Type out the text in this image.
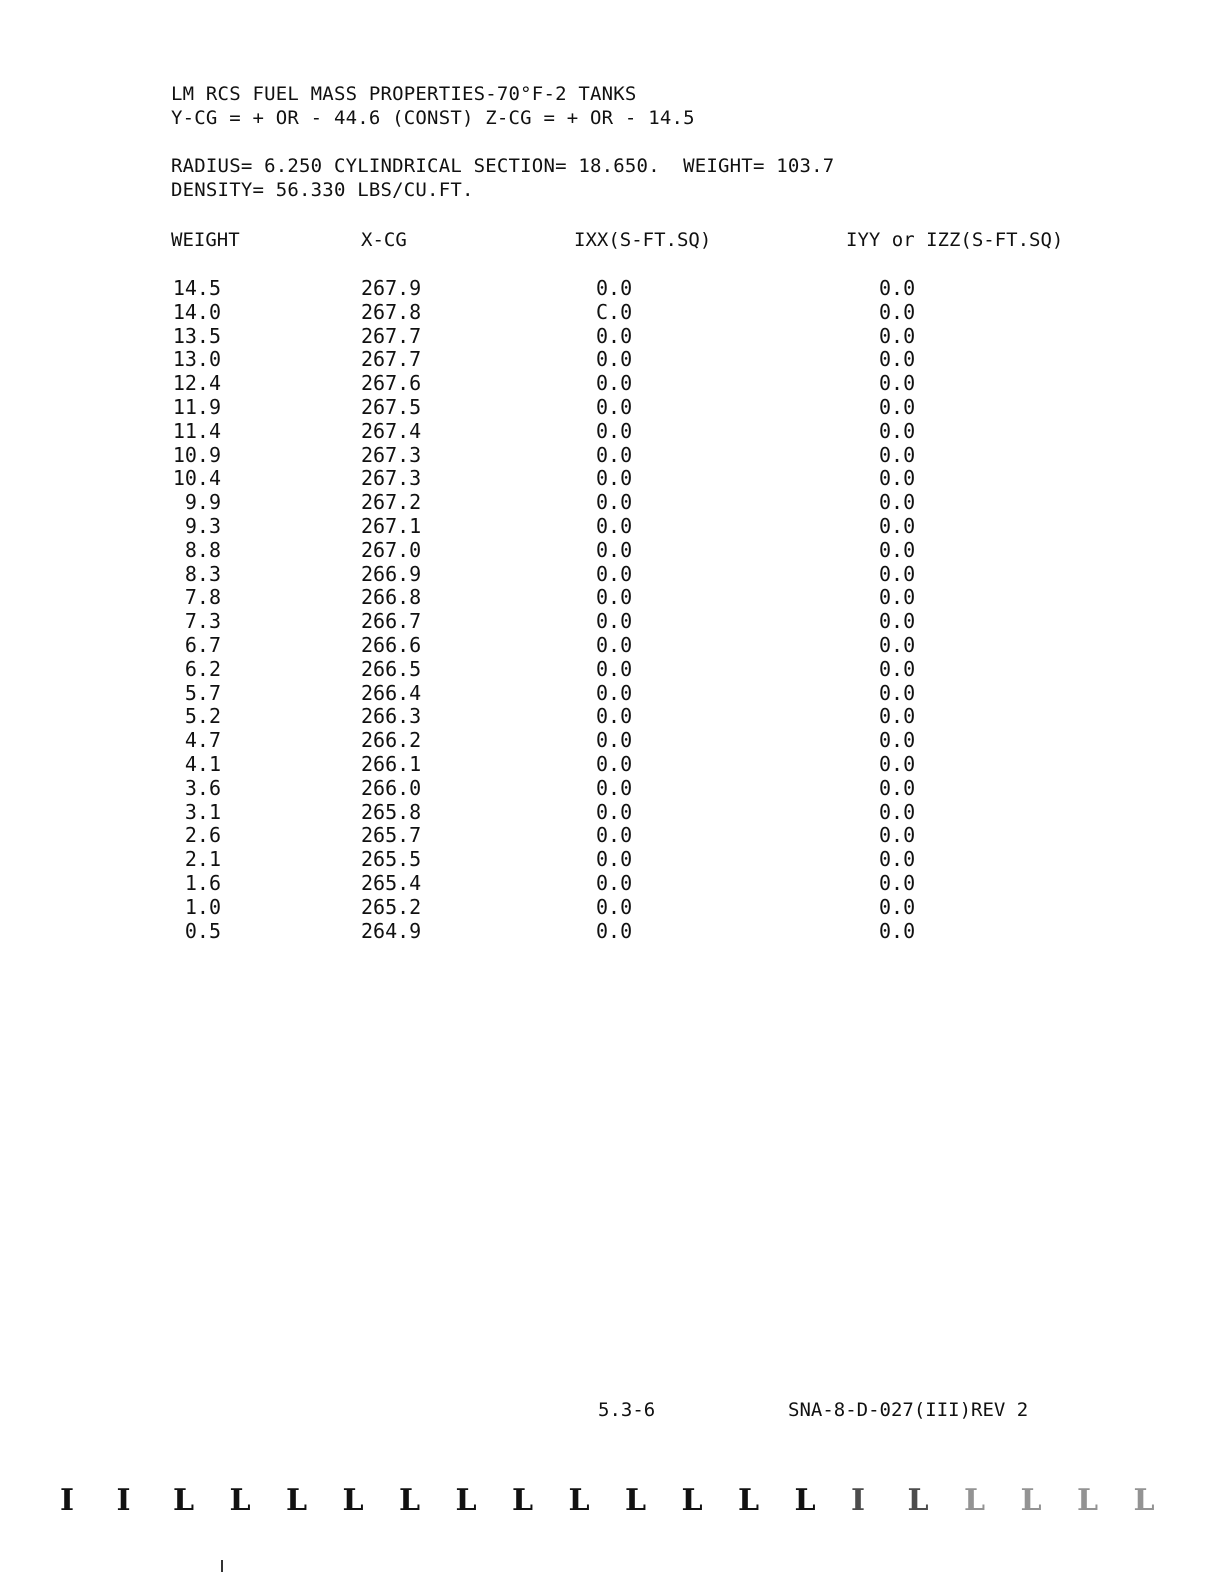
LM RCS FUEL MASS PROPERTIES-70°F-2 TANKS
Y-CG = + OR - 44.6 (CONST) Z-CG = + OR - 14.5
RADIUS= 6.250 CYLINDRICAL SECTION= 18.650.  WEIGHT= 103.7
DENSITY= 56.330 LBS/CU.FT.
WEIGHT	X-CG	IXX(S-FT.SQ)	IYY or IZZ(S-FT.SQ)
14.5	267.9	0.0	0.0
14.0	267.8	C.0	0.0
13.5	267.7	0.0	0.0
13.0	267.7	0.0	0.0
12.4	267.6	0.0	0.0
11.9	267.5	0.0	0.0
11.4	267.4	0.0	0.0
10.9	267.3	0.0	0.0
10.4	267.3	0.0	0.0
9.9	267.2	0.0	0.0
9.3	267.1	0.0	0.0
8.8	267.0	0.0	0.0
8.3	266.9	0.0	0.0
7.8	266.8	0.0	0.0
7.3	266.7	0.0	0.0
6.7	266.6	0.0	0.0
6.2	266.5	0.0	0.0
5.7	266.4	0.0	0.0
5.2	266.3	0.0	0.0
4.7	266.2	0.0	0.0
4.1	266.1	0.0	0.0
3.6	266.0	0.0	0.0
3.1	265.8	0.0	0.0
2.6	265.7	0.0	0.0
2.1	265.5	0.0	0.0
1.6	265.4	0.0	0.0
1.0	265.2	0.0	0.0
0.5	264.9	0.0	0.0
5.3-6	SNA-8-D-027(III)REV 2
I I L L L L L L L L L L L L I L L L L L
